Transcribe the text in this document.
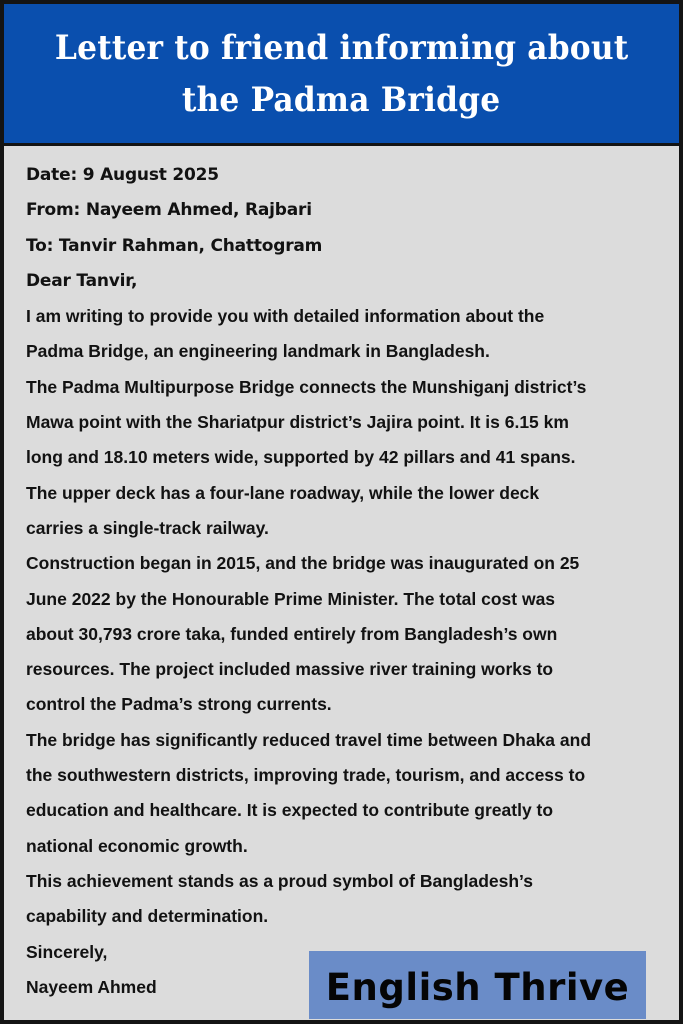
Letter to friend informing about
the Padma Bridge
Date: 9 August 2025
From: Nayeem Ahmed, Rajbari
To: Tanvir Rahman, Chattogram
Dear Tanvir,
I am writing to provide you with detailed information about the
Padma Bridge, an engineering landmark in Bangladesh.
The Padma Multipurpose Bridge connects the Munshiganj district’s
Mawa point with the Shariatpur district’s Jajira point. It is 6.15 km
long and 18.10 meters wide, supported by 42 pillars and 41 spans.
The upper deck has a four-lane roadway, while the lower deck
carries a single-track railway.
Construction began in 2015, and the bridge was inaugurated on 25
June 2022 by the Honourable Prime Minister. The total cost was
about 30,793 crore taka, funded entirely from Bangladesh’s own
resources. The project included massive river training works to
control the Padma’s strong currents.
The bridge has significantly reduced travel time between Dhaka and
the southwestern districts, improving trade, tourism, and access to
education and healthcare. It is expected to contribute greatly to
national economic growth.
This achievement stands as a proud symbol of Bangladesh’s
capability and determination.
Sincerely,
Nayeem Ahmed	English Thrive
